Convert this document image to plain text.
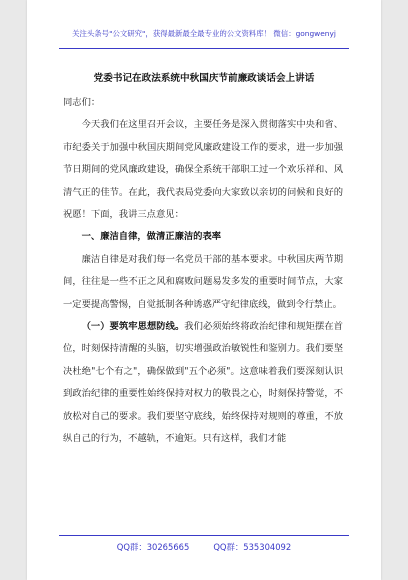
关注头条号"公文研究"，获得最新最全最专业的公文资料库！ 微信：gongwenyj
党委书记在政法系统中秋国庆节前廉政谈话会上讲话

同志们：

今天我们在这里召开会议，主要任务是深入贯彻落实中央和省、市纪委关于加强中秋国庆期间党风廉政建设工作的要求，进一步加强节日期间的党风廉政建设，确保全系统干部职工过一个欢乐祥和、风清气正的佳节。在此，我代表局党委向大家致以亲切的问候和良好的祝愿！下面，我讲三点意见：

一、廉洁自律，做清正廉洁的表率

廉洁自律是对我们每一名党员干部的基本要求。中秋国庆两节期间，往往是一些不正之风和腐败问题易发多发的重要时间节点，大家一定要提高警惕，自觉抵制各种诱惑严守纪律底线，做到令行禁止。

（一）要筑牢思想防线。我们必须始终将政治纪律和规矩摆在首位，时刻保持清醒的头脑，切实增强政治敏锐性和鉴别力。我们要坚决杜绝"七个有之"，确保做到"五个必须"。这意味着我们要深刻认识到政治纪律的重要性始终保持对权力的敬畏之心，时刻保持警觉，不放松对自己的要求。我们要坚守底线，始终保持对规则的尊重，不放纵自己的行为，不越轨，不逾矩。只有这样，我们才能

QQ群：30265665	QQ群：535304092
